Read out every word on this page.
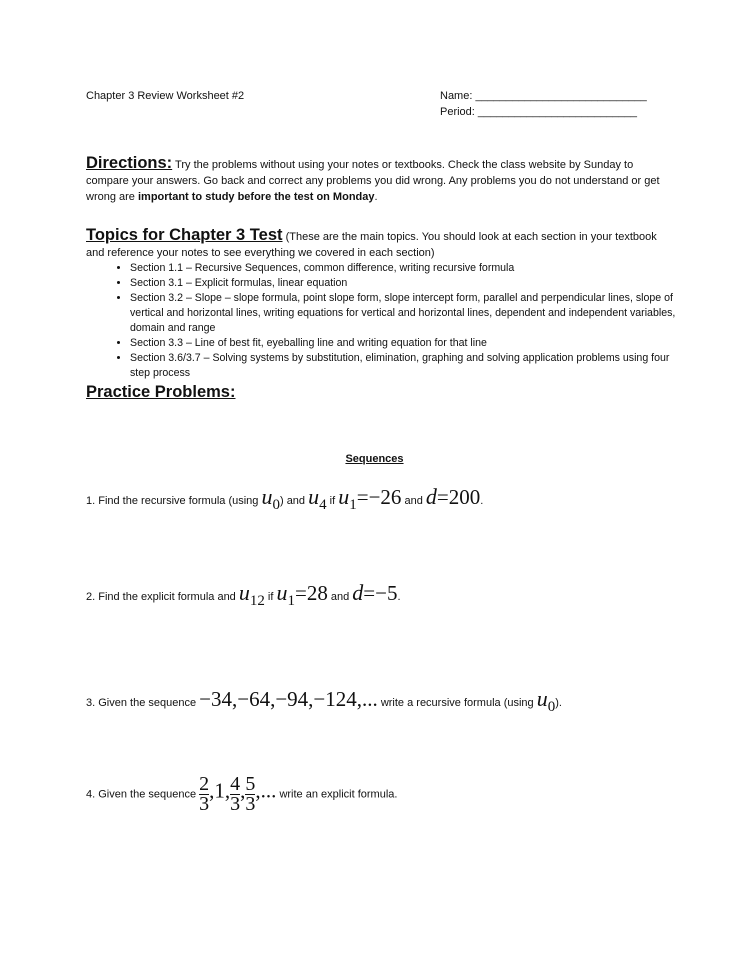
Chapter 3 Review Worksheet #2	Name: ____________________________
Period: __________________________
Directions: Try the problems without using your notes or textbooks. Check the class website by Sunday to compare your answers. Go back and correct any problems you did wrong. Any problems you do not understand or get wrong are important to study before the test on Monday.
Topics for Chapter 3 Test (These are the main topics. You should look at each section in your textbook and reference your notes to see everything we covered in each section)
• Section 1.1 – Recursive Sequences, common difference, writing recursive formula
• Section 3.1 – Explicit formulas, linear equation
• Section 3.2 – Slope – slope formula, point slope form, slope intercept form, parallel and perpendicular lines, slope of vertical and horizontal lines, writing equations for vertical and horizontal lines, dependent and independent variables, domain and range
• Section 3.3 – Line of best fit, eyeballing line and writing equation for that line
• Section 3.6/3.7 – Solving systems by substitution, elimination, graphing and solving application problems using four step process
Practice Problems:
Sequences
1. Find the recursive formula (using $u_0$) and $u_4$ if $u_1=-26$ and d=200.
2. Find the explicit formula and $u_{12}$ if $u_1=28$ and d=−5.
3. Given the sequence −34,−64,−94,−124,... write a recursive formula (using $u_0$).
4. Given the sequence $\frac{2}{3} ,1$, $\frac{4}{3}$ , $\frac{5}{3}$ ,... write an explicit formula.
